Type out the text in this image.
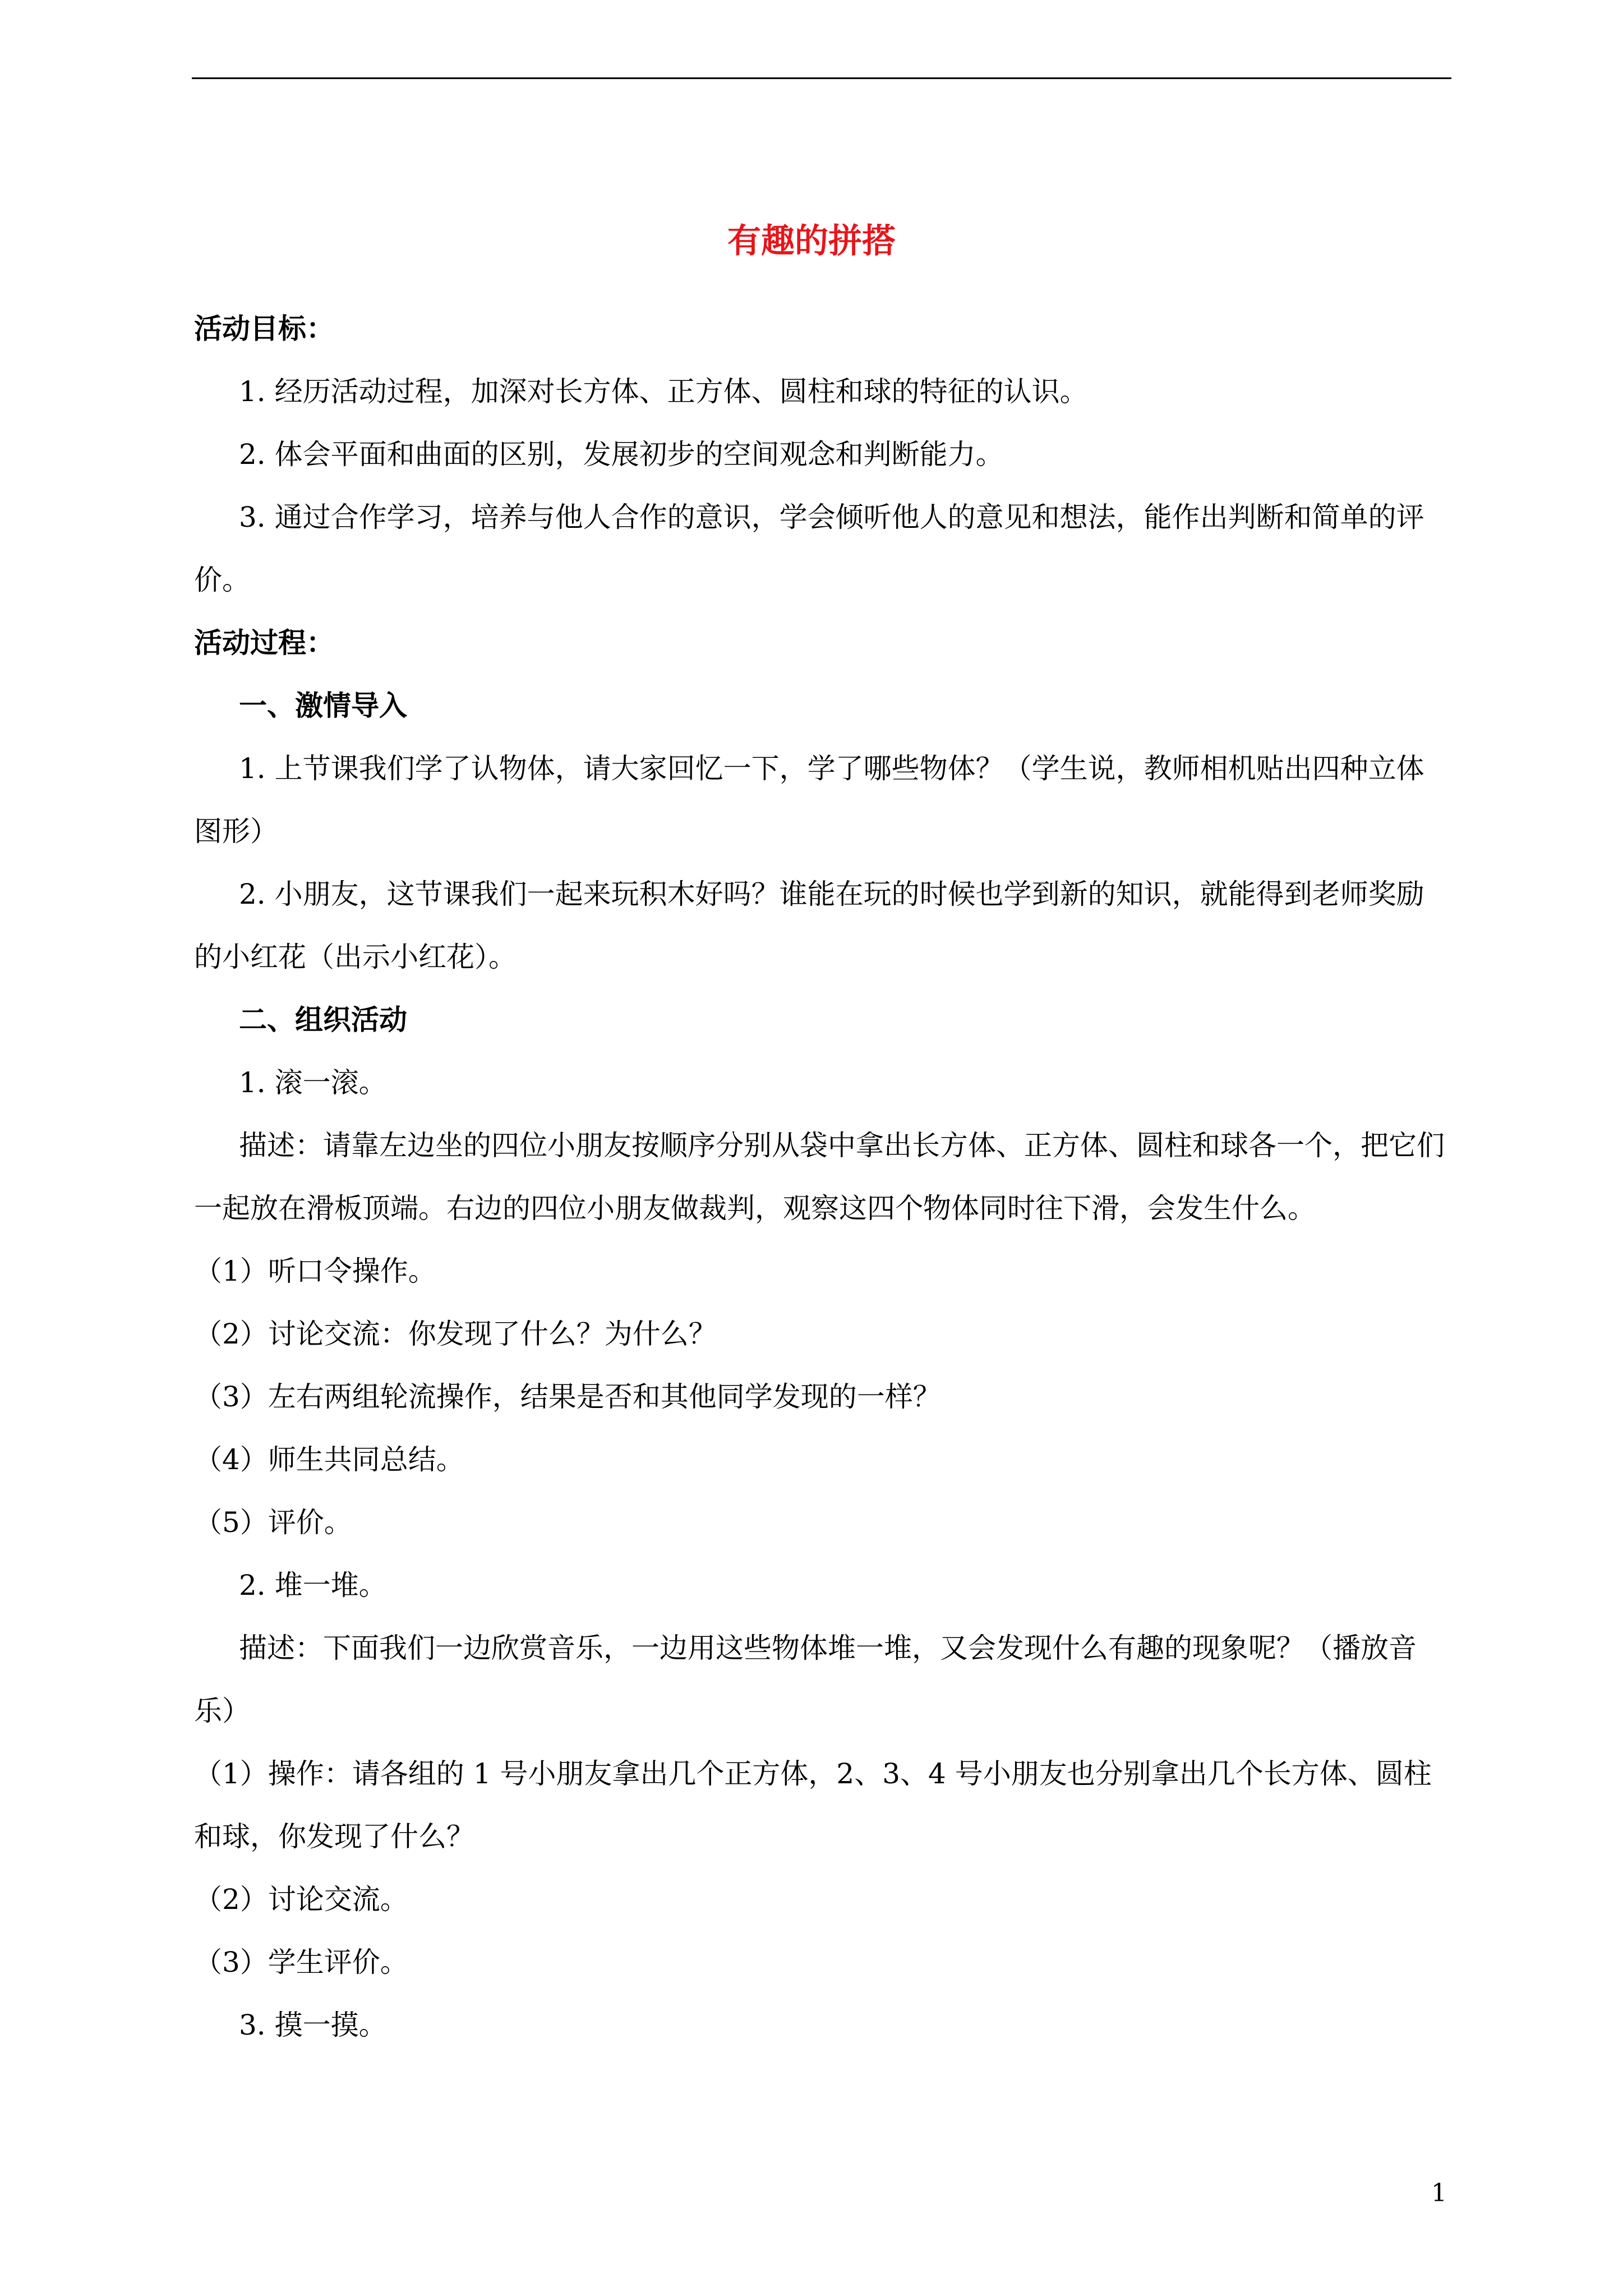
有趣的拼搭

活动目标：

1. 经历活动过程，加深对长方体、正方体、圆柱和球的特征的认识。

2. 体会平面和曲面的区别，发展初步的空间观念和判断能力。

3. 通过合作学习，培养与他人合作的意识，学会倾听他人的意见和想法，能作出判断和简单的评价。

活动过程：

一、激情导入

1. 上节课我们学了认物体，请大家回忆一下，学了哪些物体？（学生说，教师相机贴出四种立体图形）

2. 小朋友，这节课我们一起来玩积木好吗？谁能在玩的时候也学到新的知识，就能得到老师奖励的小红花（出示小红花）。

二、组织活动

1. 滚一滚。

描述：请靠左边坐的四位小朋友按顺序分别从袋中拿出长方体、正方体、圆柱和球各一个，把它们一起放在滑板顶端。右边的四位小朋友做裁判，观察这四个物体同时往下滑，会发生什么。

（1）听口令操作。

（2）讨论交流：你发现了什么？为什么？

（3）左右两组轮流操作，结果是否和其他同学发现的一样？

（4）师生共同总结。

（5）评价。

2. 堆一堆。

描述：下面我们一边欣赏音乐，一边用这些物体堆一堆，又会发现什么有趣的现象呢？（播放音乐）

（1）操作：请各组的 1 号小朋友拿出几个正方体，2、3、4 号小朋友也分别拿出几个长方体、圆柱和球，你发现了什么？

（2）讨论交流。

（3）学生评价。

3. 摸一摸。

1
